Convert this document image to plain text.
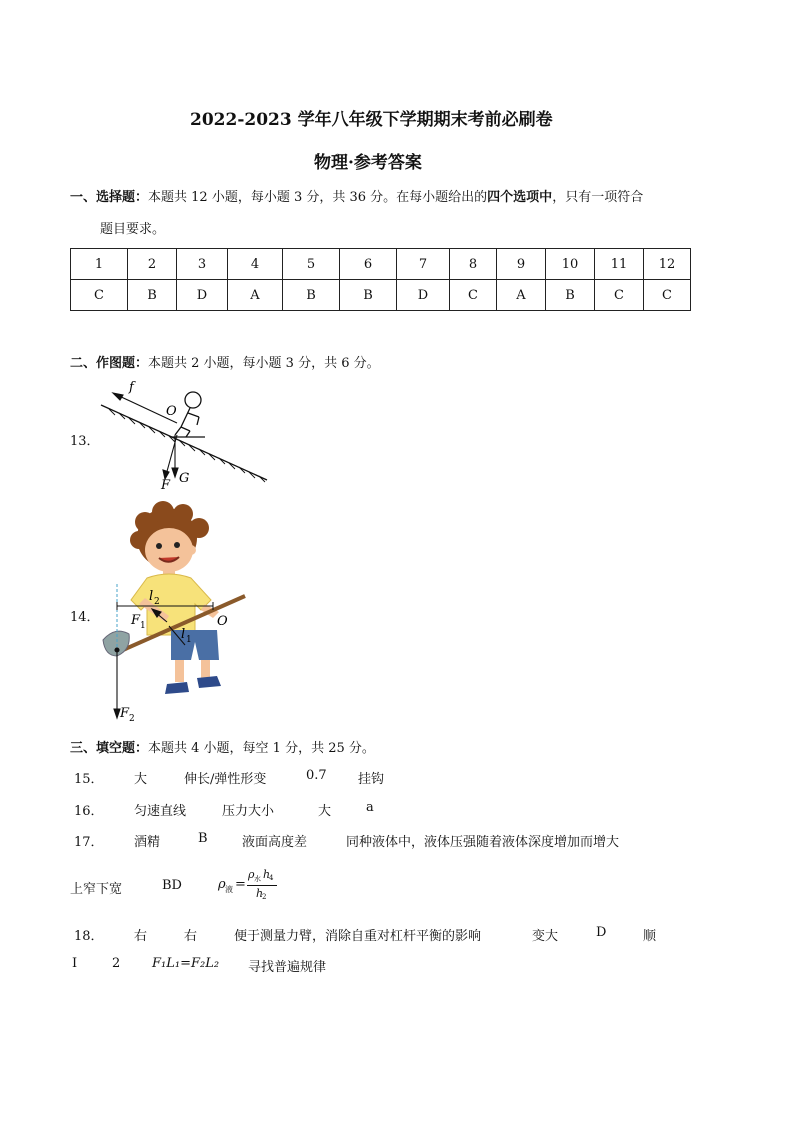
2022-2023 学年八年级下学期期末考前必刷卷
物理·参考答案
一、选择题：本题共 12 小题，每小题 3 分，共 36 分。在每小题给出的四个选项中，只有一项符合
题目要求。
1	2	3	4	5	6	7	8	9	10	11	12
C	B	D	A	B	B	D	C	A	B	C	C
二、作图题：本题共 2 小题，每小题 3 分，共 6 分。
13．
f
O
G
F
14．
l 2
F 1
l 1
O
F 2
三、填空题：本题共 4 小题，每空 1 分，共 25 分。
15． 大	伸长/弹性形变	0.7 挂钩
16． 匀速直线	压力大小	大	a
17． 酒精	B	液面高度差	同种液体中，液体压强随着液体深度增加而增大
上窄下宽	BD	ρ 液 =
ρ 水 h
4
h
2
18． 右	右	便于测量力臂，消除自重对杠杆平衡的影响	变大	D	顺
I	2 F₁L₁=F₂L₂ 寻找普遍规律
